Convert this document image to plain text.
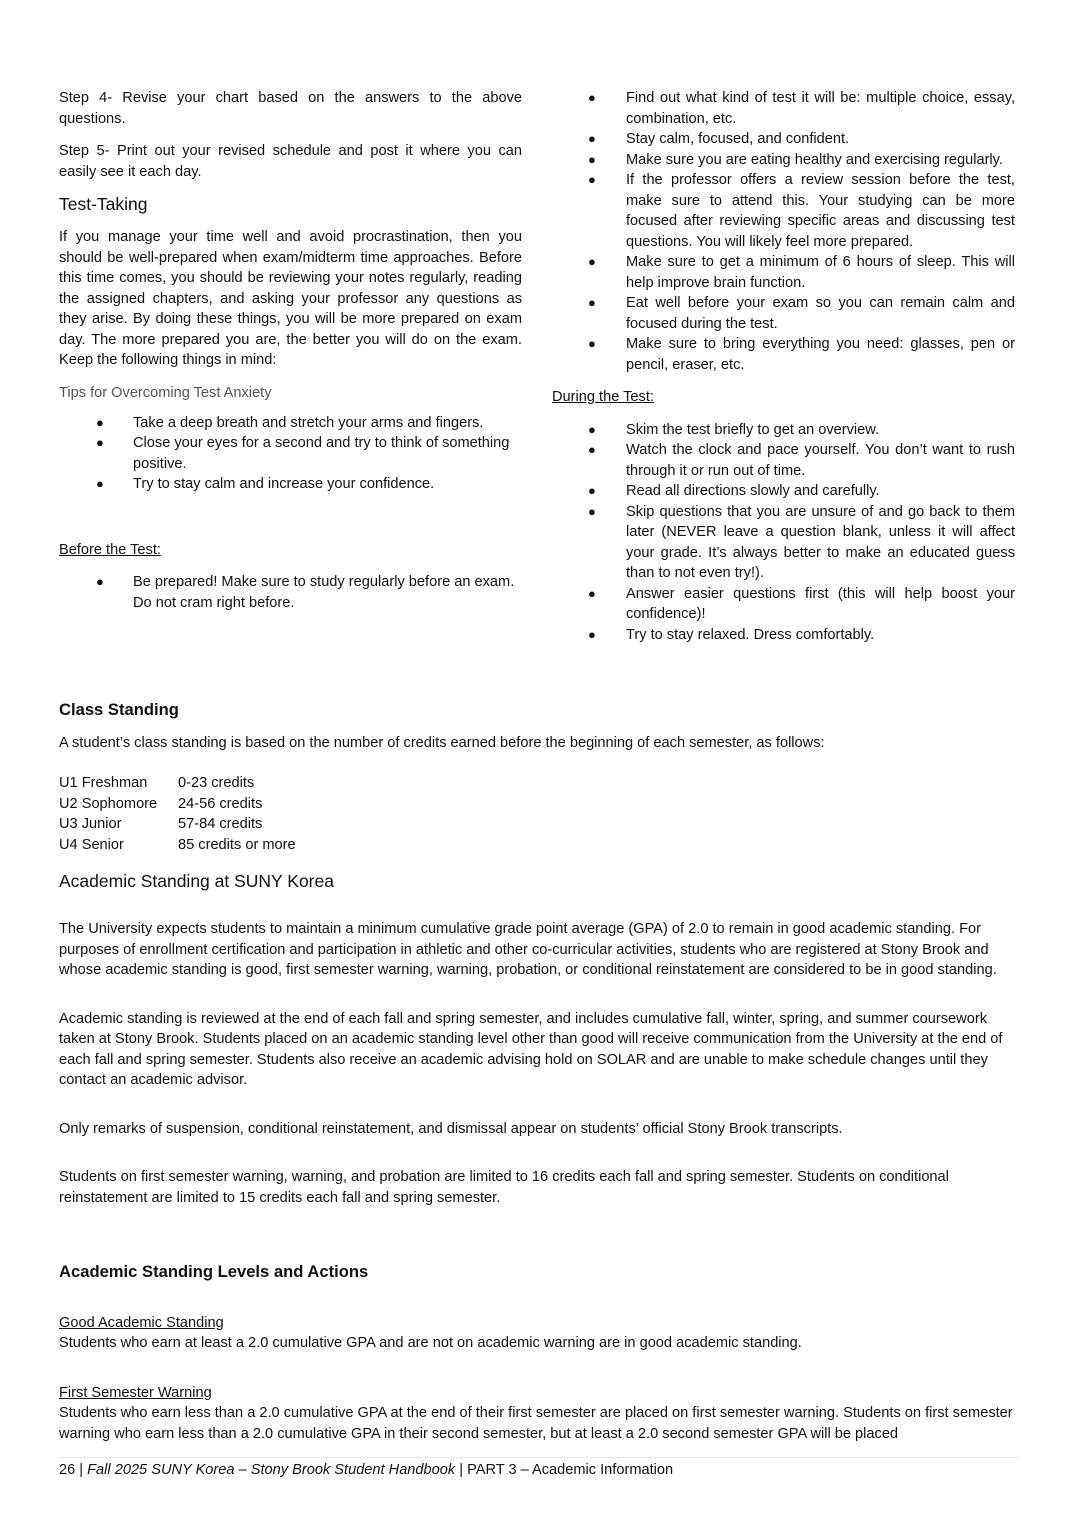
Step 4- Revise your chart based on the answers to the above questions.

Step 5- Print out your revised schedule and post it where you can easily see it each day.

Test-Taking

If you manage your time well and avoid procrastination, then you should be well-prepared when exam/midterm time approaches. Before this time comes, you should be reviewing your notes regularly, reading the assigned chapters, and asking your professor any questions as they arise. By doing these things, you will be more prepared on exam day. The more prepared you are, the better you will do on the exam. Keep the following things in mind:

Tips for Overcoming Test Anxiety
● Take a deep breath and stretch your arms and fingers.
● Close your eyes for a second and try to think of something positive.
● Try to stay calm and increase your confidence.
Before the Test:
● Be prepared! Make sure to study regularly before an exam. Do not cram right before.
● Find out what kind of test it will be: multiple choice, essay, combination, etc.
● Stay calm, focused, and confident.
● Make sure you are eating healthy and exercising regularly.
● If the professor offers a review session before the test, make sure to attend this. Your studying can be more focused after reviewing specific areas and discussing test questions. You will likely feel more prepared.
● Make sure to get a minimum of 6 hours of sleep. This will help improve brain function.
● Eat well before your exam so you can remain calm and focused during the test.
● Make sure to bring everything you need: glasses, pen or pencil, eraser, etc.
During the Test:
● Skim the test briefly to get an overview.
● Watch the clock and pace yourself. You don’t want to rush through it or run out of time.
● Read all directions slowly and carefully.
● Skip questions that you are unsure of and go back to them later (NEVER leave a question blank, unless it will affect your grade. It’s always better to make an educated guess than to not even try!).
● Answer easier questions first (this will help boost your confidence)!
● Try to stay relaxed. Dress comfortably.
Class Standing

A student’s class standing is based on the number of credits earned before the beginning of each semester, as follows:

U1 Freshman	0-23 credits
U2 Sophomore	24-56 credits
U3 Junior	57-84 credits
U4 Senior	85 credits or more
Academic Standing at SUNY Korea

The University expects students to maintain a minimum cumulative grade point average (GPA) of 2.0 to remain in good academic standing. For purposes of enrollment certification and participation in athletic and other co-curricular activities, students who are registered at Stony Brook and whose academic standing is good, first semester warning, warning, probation, or conditional reinstatement are considered to be in good standing.

Academic standing is reviewed at the end of each fall and spring semester, and includes cumulative fall, winter, spring, and summer coursework taken at Stony Brook. Students placed on an academic standing level other than good will receive communication from the University at the end of each fall and spring semester. Students also receive an academic advising hold on SOLAR and are unable to make schedule changes until they contact an academic advisor.

Only remarks of suspension, conditional reinstatement, and dismissal appear on students’ official Stony Brook transcripts.

Students on first semester warning, warning, and probation are limited to 16 credits each fall and spring semester. Students on conditional reinstatement are limited to 15 credits each fall and spring semester.

Academic Standing Levels and Actions
Good Academic Standing

Students who earn at least a 2.0 cumulative GPA and are not on academic warning are in good academic standing.

First Semester Warning

Students who earn less than a 2.0 cumulative GPA at the end of their first semester are placed on first semester warning. Students on first semester warning who earn less than a 2.0 cumulative GPA in their second semester, but at least a 2.0 second semester GPA will be placed

26 | Fall 2025 SUNY Korea – Stony Brook Student Handbook | PART 3 – Academic Information
